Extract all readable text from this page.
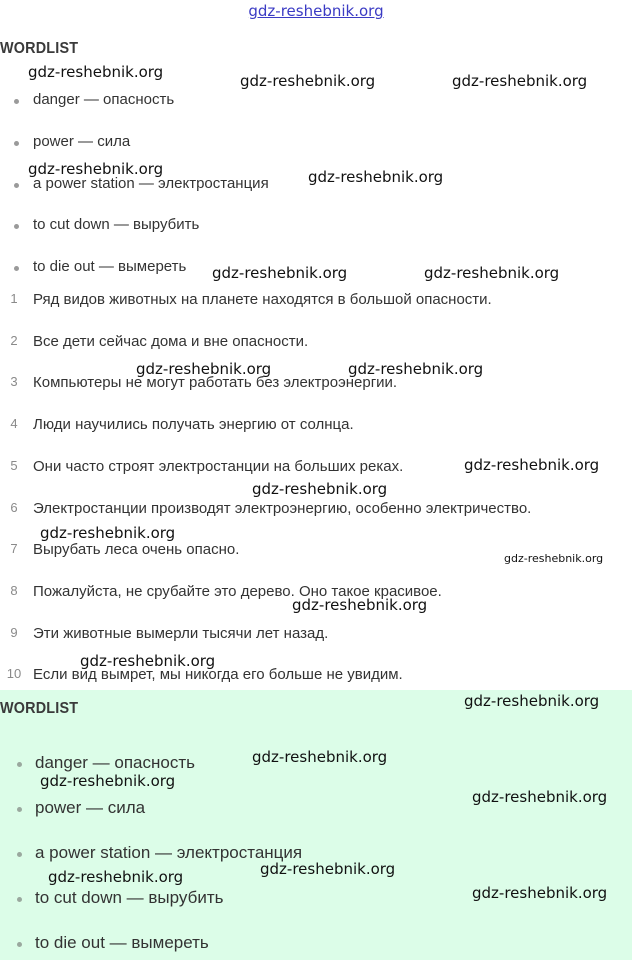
gdz-reshebnik.org
WORDLIST
danger — опасность
power — сила
a power station — электростанция
to cut down — вырубить
to die out — вымереть
1 Ряд видов животных на планете находятся в большой опасности.
2 Все дети сейчас дома и вне опасности.
3 Компьютеры не могут работать без электроэнергии.
4 Люди научились получать энергию от солнца.
5 Они часто строят электростанции на больших реках.
6 Электростанции производят электроэнергию, особенно электричество.
7 Вырубать леса очень опасно.
8 Пожалуйста, не срубайте это дерево. Оно такое красивое.
9 Эти животные вымерли тысячи лет назад.
10 Если вид вымрет, мы никогда его больше не увидим.
WORDLIST
danger — опасность
power — сила
a power station — электростанция
to cut down — вырубить
to die out — вымереть
gdz-reshebnik.org	gdz-reshebnik.org	gdz-reshebnik.org
gdz-reshebnik.org	gdz-reshebnik.org
gdz-reshebnik.org	gdz-reshebnik.org
gdz-reshebnik.org	gdz-reshebnik.org
gdz-reshebnik.org
gdz-reshebnik.org
gdz-reshebnik.org
gdz-reshebnik.org
gdz-reshebnik.org
gdz-reshebnik.org
gdz-reshebnik.org
gdz-reshebnik.org
gdz-reshebnik.org
gdz-reshebnik.org
gdz-reshebnik.org
gdz-reshebnik.org
gdz-reshebnik.org
